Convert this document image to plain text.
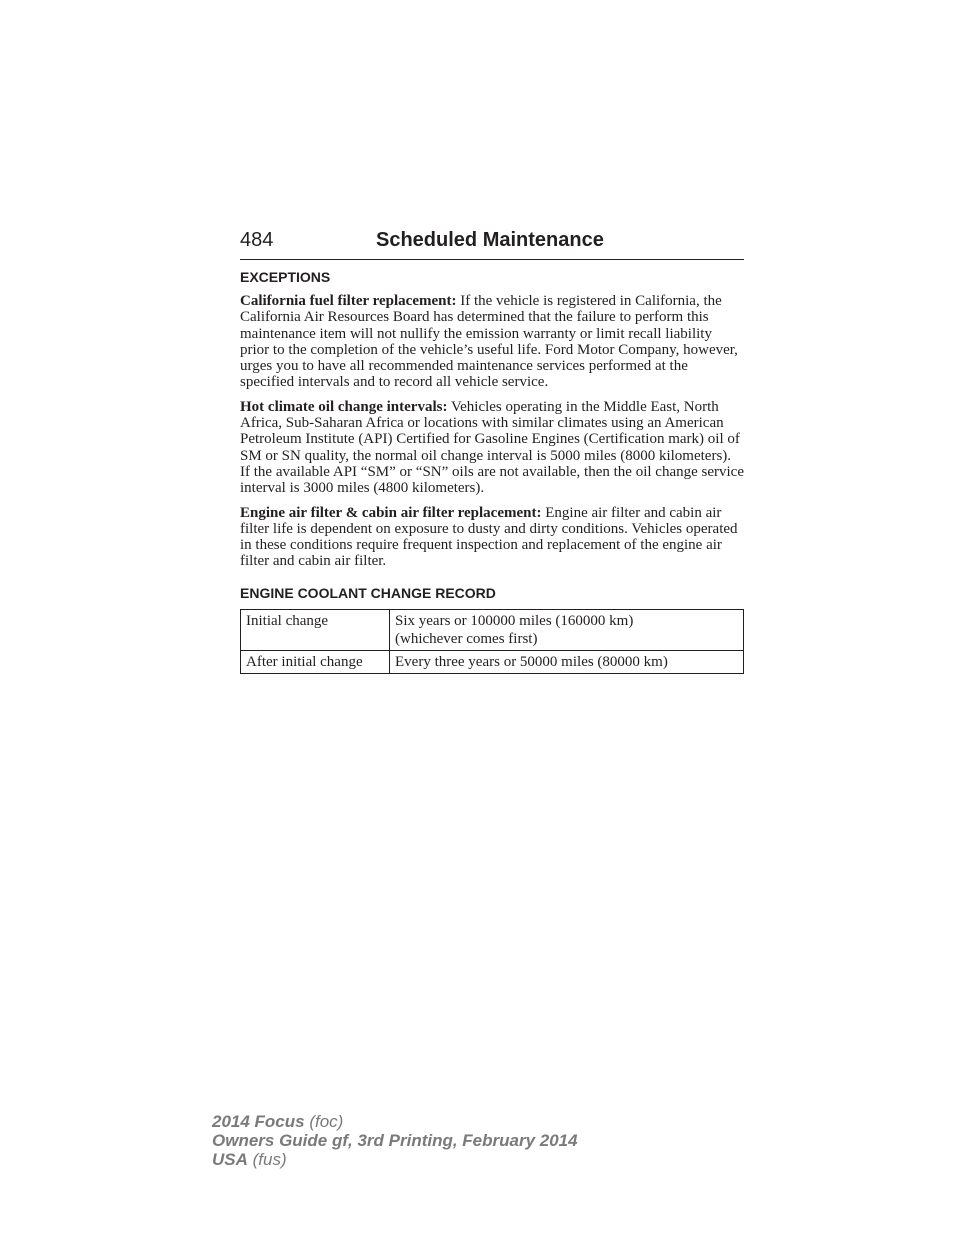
484	Scheduled Maintenance
EXCEPTIONS

California fuel filter replacement: If the vehicle is registered in California, the California Air Resources Board has determined that the failure to perform this maintenance item will not nullify the emission warranty or limit recall liability prior to the completion of the vehicle’s useful life. Ford Motor Company, however, urges you to have all recommended maintenance services performed at the specified intervals and to record all vehicle service.

Hot climate oil change intervals: Vehicles operating in the Middle East, North Africa, Sub-Saharan Africa or locations with similar climates using an American Petroleum Institute (API) Certified for Gasoline Engines (Certification mark) oil of SM or SN quality, the normal oil change interval is 5000 miles (8000 kilometers).

If the available API “SM” or “SN” oils are not available, then the oil change service interval is 3000 miles (4800 kilometers).

Engine air filter & cabin air filter replacement: Engine air filter and cabin air filter life is dependent on exposure to dusty and dirty conditions. Vehicles operated in these conditions require frequent inspection and replacement of the engine air filter and cabin air filter.

ENGINE COOLANT CHANGE RECORD
Initial change	Six years or 100000 miles (160000 km)
(whichever comes first)
After initial change	Every three years or 50000 miles (80000 km)
2014 Focus (foc)
Owners Guide gf, 3rd Printing, February 2014
USA (fus)
